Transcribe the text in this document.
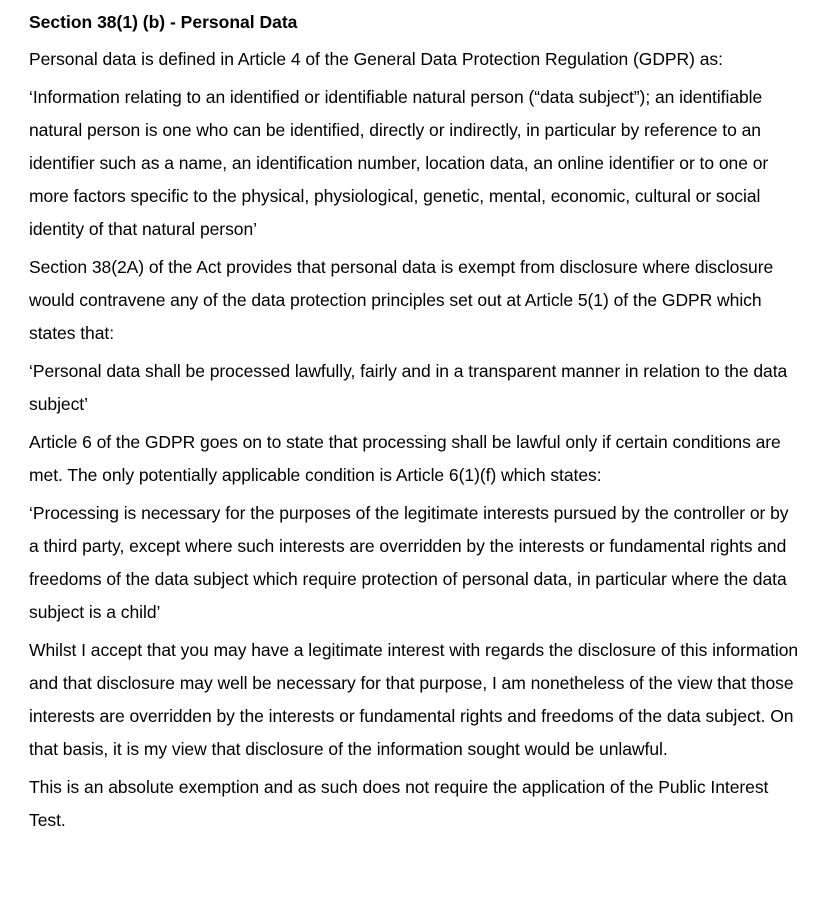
Section 38(1) (b) - Personal Data

Personal data is defined in Article 4 of the General Data Protection Regulation (GDPR) as:

‘Information relating to an identified or identifiable natural person (“data subject”); an identifiable natural person is one who can be identified, directly or indirectly, in particular by reference to an identifier such as a name, an identification number, location data, an online identifier or to one or more factors specific to the physical, physiological, genetic, mental, economic, cultural or social identity of that natural person’

Section 38(2A) of the Act provides that personal data is exempt from disclosure where disclosure would contravene any of the data protection principles set out at Article 5(1) of the GDPR which states that:

‘Personal data shall be processed lawfully, fairly and in a transparent manner in relation to the data subject’

Article 6 of the GDPR goes on to state that processing shall be lawful only if certain conditions are met. The only potentially applicable condition is Article 6(1)(f) which states:

‘Processing is necessary for the purposes of the legitimate interests pursued by the controller or by a third party, except where such interests are overridden by the interests or fundamental rights and freedoms of the data subject which require protection of personal data, in particular where the data subject is a child’

Whilst I accept that you may have a legitimate interest with regards the disclosure of this information and that disclosure may well be necessary for that purpose, I am nonetheless of the view that those interests are overridden by the interests or fundamental rights and freedoms of the data subject. On that basis, it is my view that disclosure of the information sought would be unlawful.

This is an absolute exemption and as such does not require the application of the Public Interest Test.
